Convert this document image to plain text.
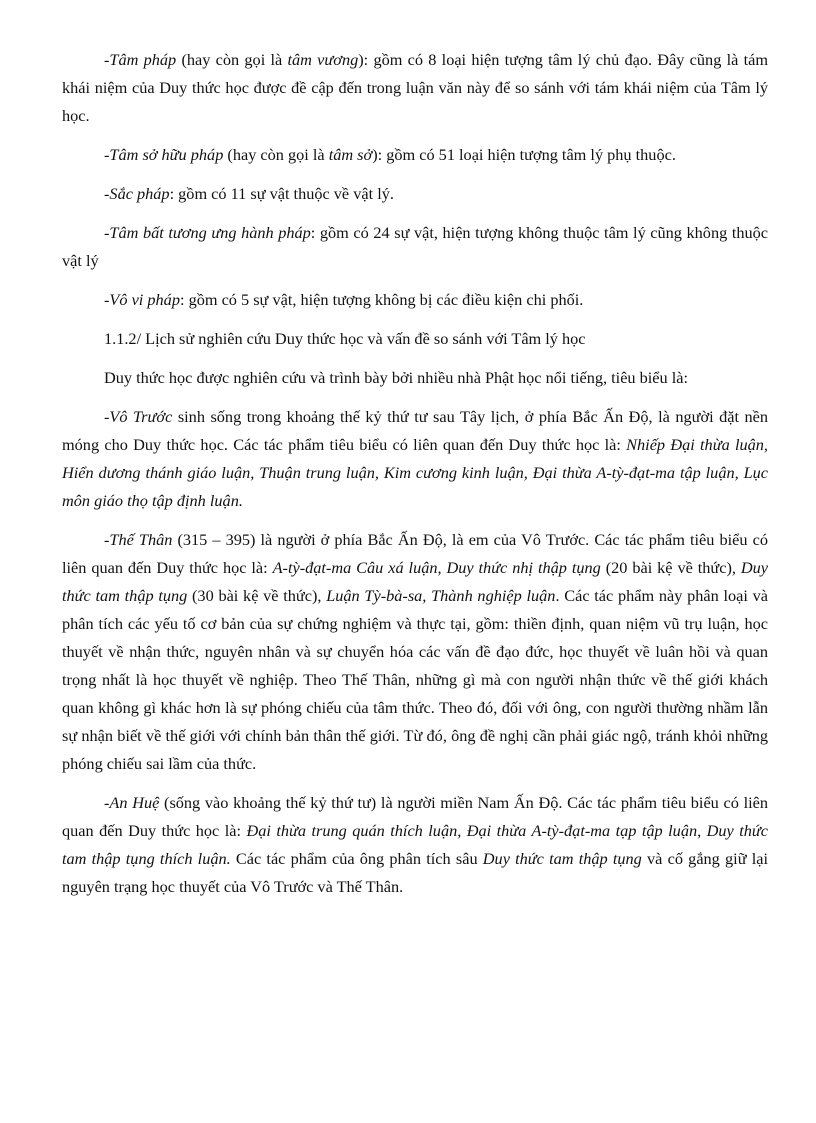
-Tâm pháp (hay còn gọi là tâm vương): gồm có 8 loại hiện tượng tâm lý chủ đạo. Đây cũng là tám khái niệm của Duy thức học được đề cập đến trong luận văn này để so sánh với tám khái niệm của Tâm lý học.

-Tâm sở hữu pháp (hay còn gọi là tâm sở): gồm có 51 loại hiện tượng tâm lý phụ thuộc.

-Sắc pháp: gồm có 11 sự vật thuộc về vật lý.

-Tâm bất tương ưng hành pháp: gồm có 24 sự vật, hiện tượng không thuộc tâm lý cũng không thuộc vật lý

-Vô vi pháp: gồm có 5 sự vật, hiện tượng không bị các điều kiện chi phối.

1.1.2/ Lịch sử nghiên cứu Duy thức học và vấn đề so sánh với Tâm lý học

Duy thức học được nghiên cứu và trình bày bởi nhiều nhà Phật học nổi tiếng, tiêu biểu là:

-Vô Trước sinh sống trong khoảng thế kỷ thứ tư sau Tây lịch, ở phía Bắc Ấn Độ, là người đặt nền móng cho Duy thức học. Các tác phẩm tiêu biểu có liên quan đến Duy thức học là: Nhiếp Đại thừa luận, Hiển dương thánh giáo luận, Thuận trung luận, Kim cương kinh luận, Đại thừa A-tỳ-đạt-ma tập luận, Lục môn giáo thọ tập định luận.

-Thế Thân (315 – 395) là người ở phía Bắc Ấn Độ, là em của Vô Trước. Các tác phẩm tiêu biểu có liên quan đến Duy thức học là: A-tỳ-đạt-ma Câu xá luận, Duy thức nhị thập tụng (20 bài kệ về thức), Duy thức tam thập tụng (30 bài kệ về thức), Luận Tỳ-bà-sa, Thành nghiệp luận. Các tác phẩm này phân loại và phân tích các yếu tố cơ bản của sự chứng nghiệm và thực tại, gồm: thiền định, quan niệm vũ trụ luận, học thuyết về nhận thức, nguyên nhân và sự chuyển hóa các vấn đề đạo đức, học thuyết về luân hồi và quan trọng nhất là học thuyết về nghiệp. Theo Thế Thân, những gì mà con người nhận thức về thế giới khách quan không gì khác hơn là sự phóng chiếu của tâm thức. Theo đó, đối với ông, con người thường nhầm lẫn sự nhận biết về thế giới với chính bản thân thế giới. Từ đó, ông đề nghị cần phải giác ngộ, tránh khỏi những phóng chiếu sai lầm của thức.

-An Huệ (sống vào khoảng thế kỷ thứ tư) là người miền Nam Ấn Độ. Các tác phẩm tiêu biểu có liên quan đến Duy thức học là: Đại thừa trung quán thích luận, Đại thừa A-tỳ-đạt-ma tạp tập luận, Duy thức tam thập tụng thích luận. Các tác phẩm của ông phân tích sâu Duy thức tam thập tụng và cố gắng giữ lại nguyên trạng học thuyết của Vô Trước và Thế Thân.
